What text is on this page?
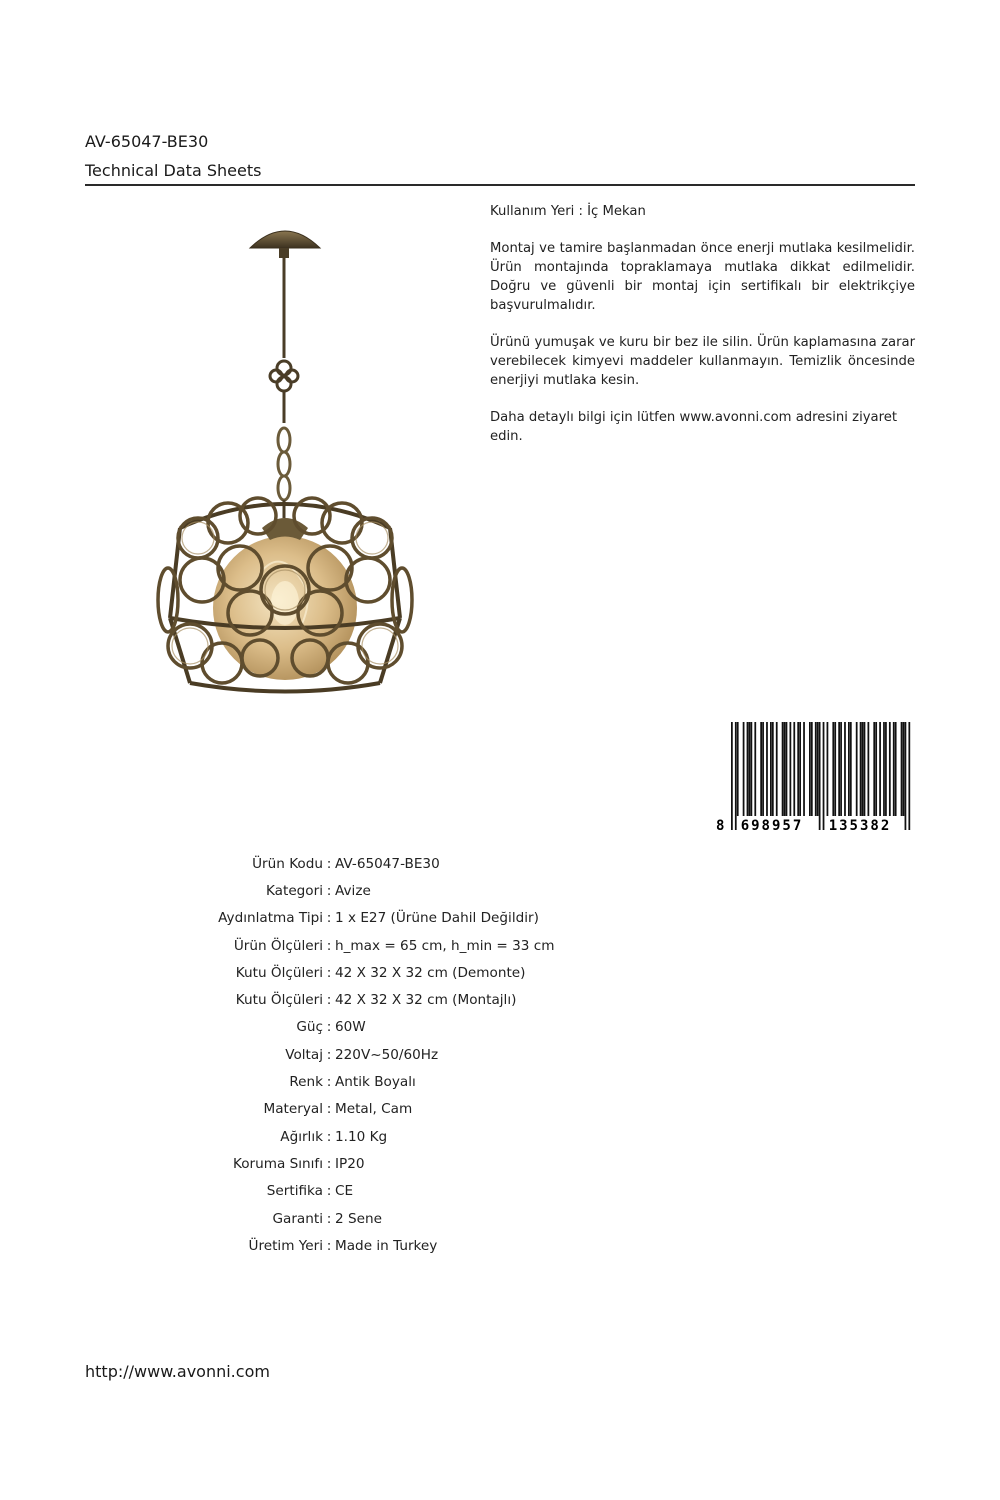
AV-65047-BE30
Technical Data Sheets

Kullanım Yeri : İç Mekan

Montaj ve tamire başlanmadan önce enerji mutlaka kesilmelidir. Ürün montajında topraklamaya mutlaka dikkat edilmelidir. Doğru ve güvenli bir montaj için sertifikalı bir elektrikçiye başvurulmalıdır.

Ürünü yumuşak ve kuru bir bez ile silin. Ürün kaplamasına zarar verebilecek kimyevi maddeler kullanmayın. Temizlik öncesinde enerjiyi mutlaka kesin.

Daha detaylı bilgi için lütfen www.avonni.com adresini ziyaret edin.

8 698957 135382
Ürün Kodu : AV-65047-BE30
Kategori : Avize
Aydınlatma Tipi : 1 x E27 (Ürüne Dahil Değildir)
Ürün Ölçüleri : h_max = 65 cm, h_min = 33 cm
Kutu Ölçüleri : 42 X 32 X 32 cm (Demonte)
Kutu Ölçüleri : 42 X 32 X 32 cm (Montajlı)
Güç : 60W
Voltaj : 220V~50/60Hz
Renk : Antik Boyalı
Materyal : Metal, Cam
Ağırlık : 1.10 Kg
Koruma Sınıfı : IP20
Sertifika : CE
Garanti : 2 Sene
Üretim Yeri : Made in Turkey
http://www.avonni.com
